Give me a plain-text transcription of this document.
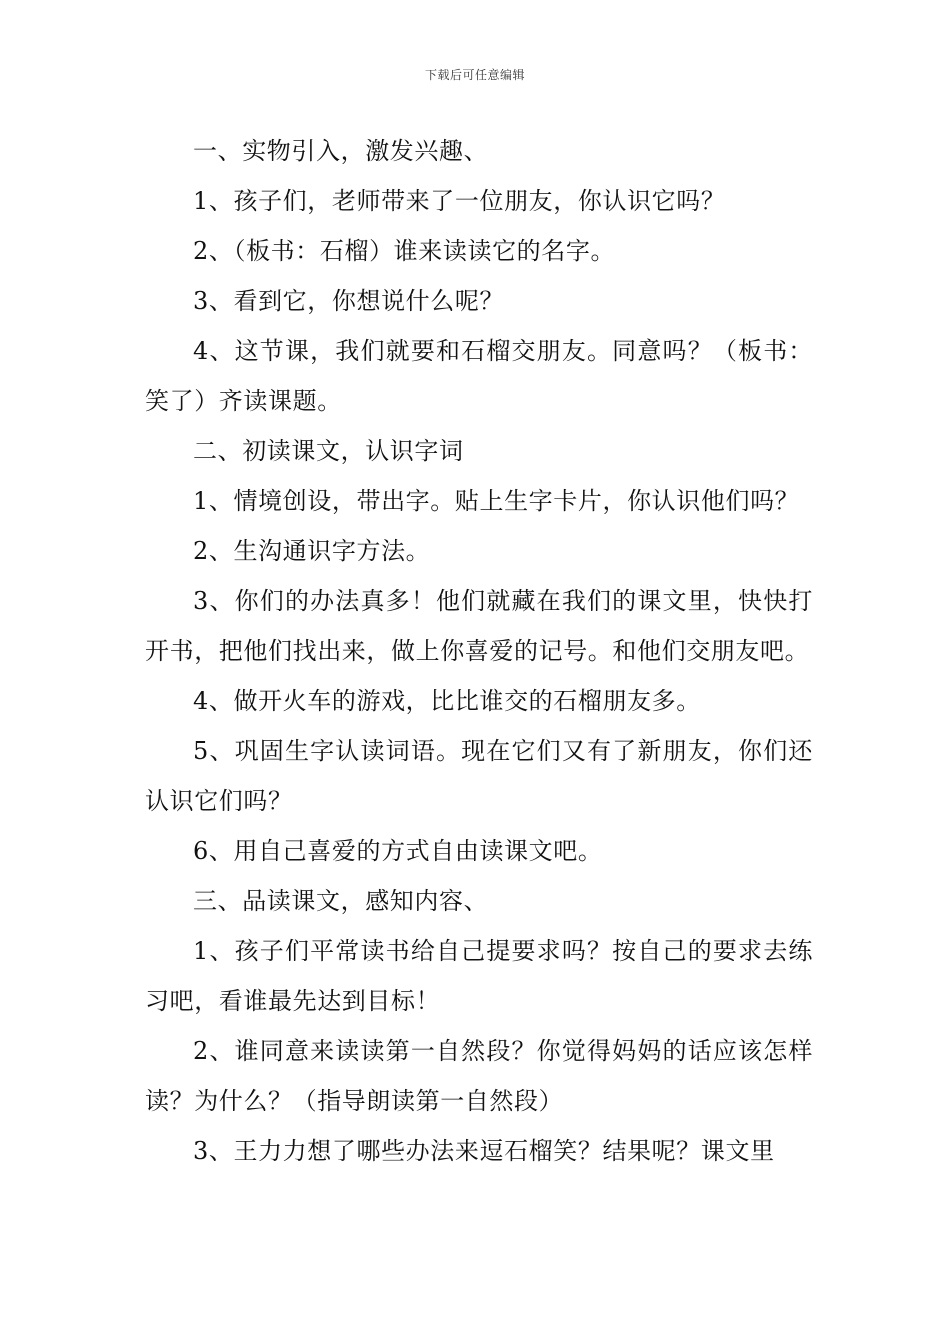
下载后可任意编辑

一、实物引入，激发兴趣、

1、孩子们，老师带来了一位朋友，你认识它吗？

2、（板书：石榴）谁来读读它的名字。

3、看到它，你想说什么呢？

4、这节课，我们就要和石榴交朋友。同意吗？（板书：笑了）齐读课题。

二、初读课文，认识字词

1、情境创设，带出字。贴上生字卡片，你认识他们吗？

2、生沟通识字方法。

3、你们的办法真多！他们就藏在我们的课文里，快快打开书，把他们找出来，做上你喜爱的记号。和他们交朋友吧。

4、做开火车的游戏，比比谁交的石榴朋友多。

5、巩固生字认读词语。现在它们又有了新朋友，你们还认识它们吗？

6、用自己喜爱的方式自由读课文吧。

三、品读课文，感知内容、

1、孩子们平常读书给自己提要求吗？按自己的要求去练习吧，看谁最先达到目标！

2、谁同意来读读第一自然段？你觉得妈妈的话应该怎样读？为什么？（指导朗读第一自然段）

3、王力力想了哪些办法来逗石榴笑？结果呢？课文里
